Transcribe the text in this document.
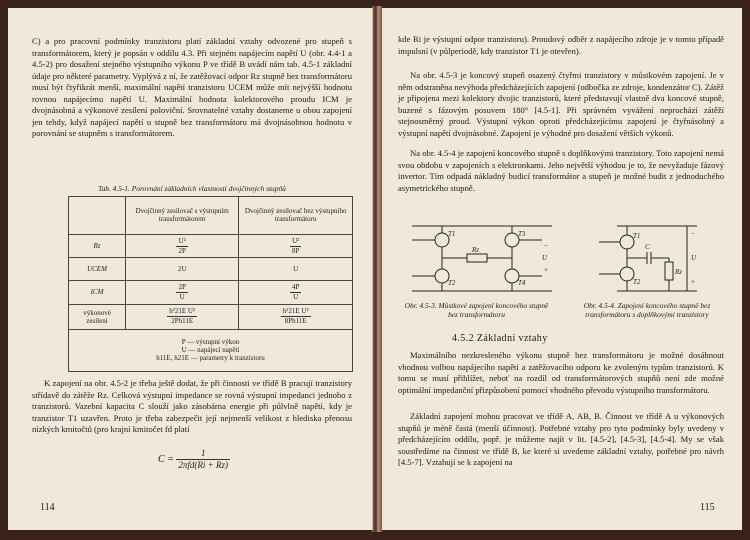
C) a pro pracovní podmínky tranzistoru platí základní vztahy odvozené pro stupeň s transformátorem, který je popsán v oddílu 4.3. Při stejném napájecím napětí U (obr. 4.4-1 a 4.5-2) pro dosažení stejného výstupního výkonu P ve třídě B uvádí nám tab. 4.5-1 základní údaje pro některé parametry. Vyplývá z ní, že zatěžovací odpor Rz stupně bez transformátoru musí být čtyřikrát menší, maximální napětí tranzistoru UCEM může mít nejvýšší hodnotu rovnou napájecímu napětí U. Maximální hodnota kolektorového proudu ICM je dvojnásobná a výkonové zesílení poloviční. Srovnatelné vztahy dostaneme u obou zapojení jen tehdy, když napájecí napětí u stupně bez transformátoru má dvojnásobnou hodnotu v porovnání se stupněm s transformátorem.

Tab. 4.5-1. Porovnání základních vlastností dvojčinných stupňů
	Dvojčinný zesilovač s výstupním transformátorem	Dvojčinný zesilovač bez výstupního transformátoru
Rz	$\frac{\text{U²}}{2P}$	$\frac{\text{U²}}{8P}$

UCEM	2U	U
ICM	$\frac{2P}{U}$	$\frac{4P}{U}$

výkonové zesílení	$\frac{\text{h²21E U²}}{2Ph11E}$	$\frac{\text{h²21E U²}}{8Ph11E}$

P — výstupní výkon
U — napájecí napětí
h11E, h21E — parametry k tranzistoru		

K zapojení na obr. 4.5-2 je třeba ještě dodat, že při činnosti ve třídě B pracují tranzistory střídavě do zátěže Rz. Celková výstupní impedance se rovná výstupní impedanci jednoho z tranzistorů. Vazební kapacita C slouží jako zásobárna energie při půlvlně napětí, kdy je tranzistor T1 uzavřen. Proto je třeba zabezpečit její nejmenší velikost z hlediska přenosu nízkých kmitočtů (pro krajní kmitočet fd platí

$C = \frac{1}{\text{2πfd(Ri + Rz)}}$
114

kde Ri je výstupní odpor tranzistoru). Proudový odběr z napájecího zdroje je v tomto případě impulsní (v půlperiodě, kdy tranzistor T1 je otevřen).

Na obr. 4.5-3 je koncový stupeň osazený čtyřmi tranzistory v můstkovém zapojení. Je v něm odstraněna nevýhoda předcházejících zapojení (odbočka ze zdroje, kondenzátor C). Zátěž je připojena mezi kolektory dvojic tranzistorů, které představují vlastně dva koncové stupně, buzené s fázovým posuvem 180° [4.5-1]. Při správném vyvážení neprochází zátěží stejnosměrný proud. Výstupní výkon oproti předcházejícímu zapojení je čtyřnásobný a výstupní napětí dvojnásobné. Zapojení je výhodné pro dosažení větších výkonů.

Na obr. 4.5-4 je zapojení koncového stupně s doplňkovými tranzistory. Toto zapojení nemá svou obdobu v zapojeních s elektronkami. Jeho největší výhodou je to, že nevyžaduje fázový invertor. Tím odpadá nákladný budicí transformátor a stupeň je možné budit z jednoduchého asymetrického stupně.

T1
T2
T3
T4
Rz
U
−
+
T1
T2
C
Rz
U
−
+
Obr. 4.5-3. Můstkové zapojení koncového stupně bez transformátoru
Obr. 4.5-4. Zapojení koncového stupně bez transformátoru s doplňkovými tranzistory
4.5.2 Základní vztahy

Maximálního nezkresleného výkonu stupně bez transformátoru je možné dosáhnout vhodnou volbou napájecího napětí a zatěžovacího odporu ke zvoleným typům tranzistorů. K tomu se musí přihlížet, neboť na rozdíl od transformátorových stupňů není zde možné optimální impedanční přizpůsobení pomocí vhodného převodu výstupního transformátoru.

Základní zapojení mohou pracovat ve třídě A, AB, B. Činnost ve třídě A u výkonových stupňů je méně častá (menší účinnost). Potřebné vztahy pro tyto podmínky byly uvedeny v předcházejícím oddílu, popř. je můžeme najít v lit. [4.5-2], [4.5-3], [4.5-4]. My se však soustředíme na činnost ve třídě B, ke které si uvedeme základní vztahy, potřebné pro návrh [4.5-7]. Vztahují se k zapojení na

115
